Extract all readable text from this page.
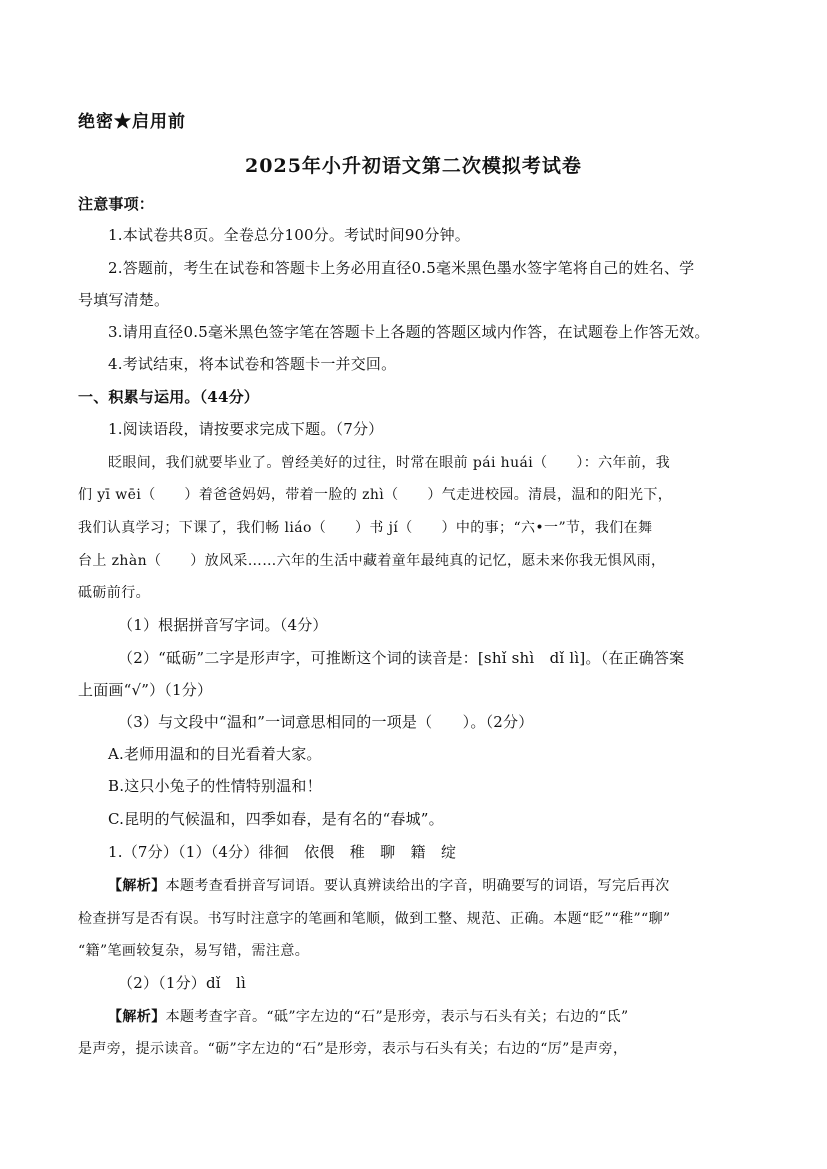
绝密★启用前
2025年小升初语文第二次模拟考试卷
注意事项：
1.本试卷共8页。全卷总分100分。考试时间90分钟。
2.答题前，考生在试卷和答题卡上务必用直径0.5毫米黑色墨水签字笔将自己的姓名、学
号填写清楚。
3.请用直径0.5毫米黑色签字笔在答题卡上各题的答题区域内作答，在试题卷上作答无效。
4.考试结束，将本试卷和答题卡一并交回。
一、积累与运用。（44分）
1.阅读语段，请按要求完成下题。（7分）
眨眼间，我们就要毕业了。曾经美好的过往，时常在眼前 pái huái（　　）：六年前，我
们 yī wēi（　　）着爸爸妈妈，带着一脸的 zhì（　　）气走进校园。清晨，温和的阳光下，
我们认真学习；下课了，我们畅 liáo（　　）书 jí（　　）中的事；“六•一”节，我们在舞
台上 zhàn（　　）放风采……六年的生活中藏着童年最纯真的记忆，愿未来你我无惧风雨，
砥砺前行。
（1）根据拼音写字词。（4分）
（2）“砥砺”二字是形声字，可推断这个词的读音是：[shǐ shì　dǐ lì]。（在正确答案
上面画“√”）（1分）
（3）与文段中“温和”一词意思相同的一项是（　　）。（2分）
A.老师用温和的目光看着大家。
B.这只小兔子的性情特别温和！
C.昆明的气候温和，四季如春，是有名的“春城”。
1.（7分）（1）（4分）徘徊　依偎　稚　聊　籍　绽
【解析】本题考查看拼音写词语。要认真辨读给出的字音，明确要写的词语，写完后再次
检查拼写是否有误。书写时注意字的笔画和笔顺，做到工整、规范、正确。本题“眨”“稚”“聊”
“籍”笔画较复杂，易写错，需注意。
（2）（1分）dǐ　lì
【解析】本题考查字音。“砥”字左边的“石”是形旁，表示与石头有关；右边的“氐”
是声旁，提示读音。“砺”字左边的“石”是形旁，表示与石头有关；右边的“厉”是声旁，
